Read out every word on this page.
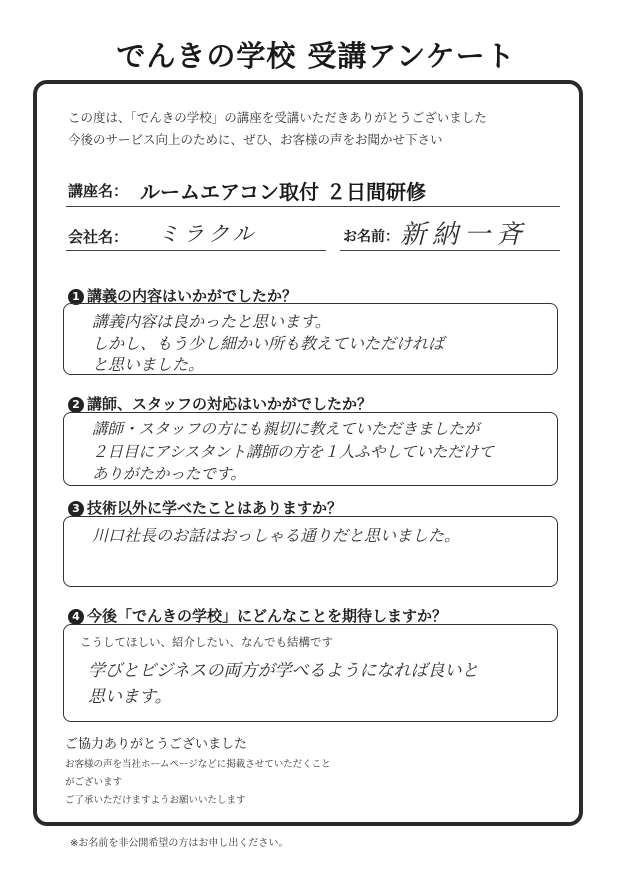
でんきの学校 受講アンケート
この度は、「でんきの学校」の講座を受講いただきありがとうございました
今後のサービス向上のために、ぜひ、お客様の声をお聞かせ下さい
講座名： ルームエアコン取付 ２日間研修
会社名： ミラクル	お名前： 新納一斉
1 講義の内容はいかがでしたか？
講義内容は良かったと思います。
しかし、もう少し細かい所も教えていただければ
と思いました。
2 講師、スタッフの対応はいかがでしたか？
講師・スタッフの方にも親切に教えていただきましたが
２日目にアシスタント講師の方を１人ふやしていただけて
ありがたかったです。
3 技術以外に学べたことはありますか？
川口社長のお話はおっしゃる通りだと思いました。
4 今後「でんきの学校」にどんなことを期待しますか？
こうしてほしい、紹介したい、なんでも結構です
学びとビジネスの両方が学べるようになれば良いと
思います。
ご協力ありがとうございました
お客様の声を当社ホームページなどに掲載させていただくこと
がございます
ご了承いただけますようお願いいたします
※お名前を非公開希望の方はお申し出ください。
